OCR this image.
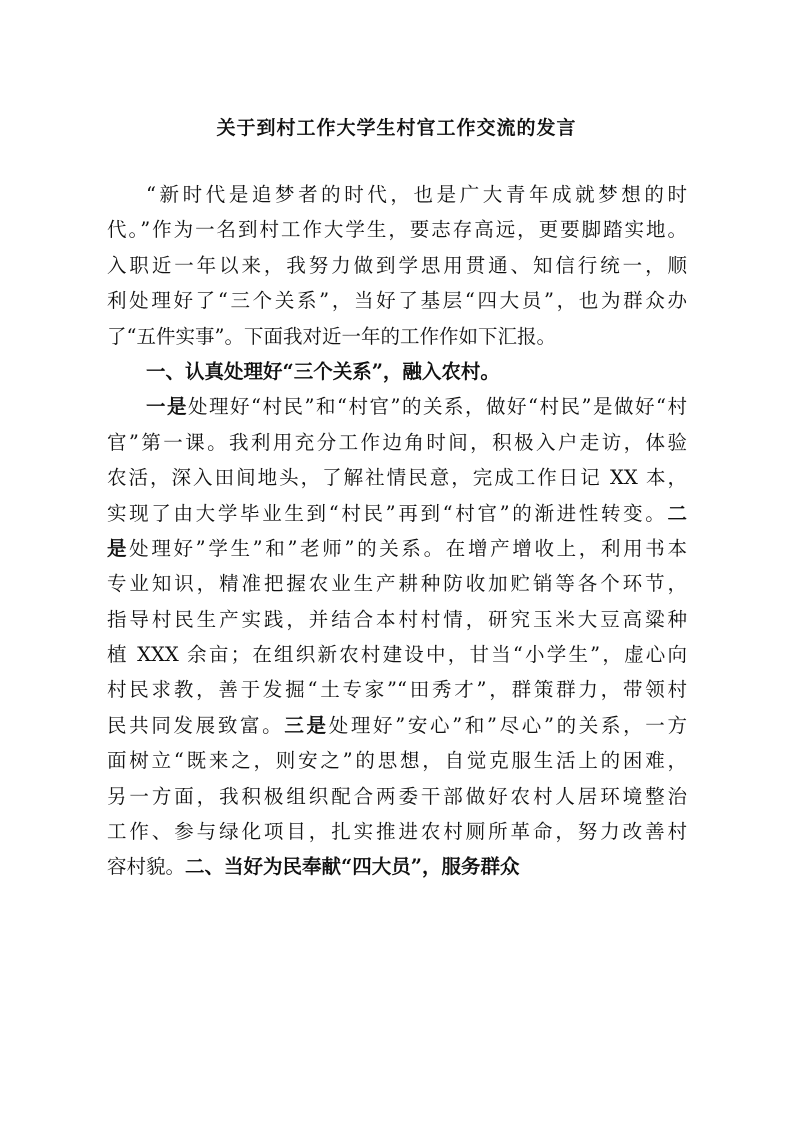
关于到村工作大学生村官工作交流的发言
“新时代是追梦者的时代，也是广大青年成就梦想的时
代。”作为一名到村工作大学生，要志存高远，更要脚踏实地。
入职近一年以来，我努力做到学思用贯通、知信行统一，顺
利处理好了“三个关系”，当好了基层“四大员”，也为群众办
了“五件实事”。下面我对近一年的工作作如下汇报。
一、认真处理好“三个关系”，融入农村。
一是处理好“村民”和“村官”的关系，做好“村民”是做好“村
官”第一课。我利用充分工作边角时间，积极入户走访，体验
农活，深入田间地头，了解社情民意，完成工作日记 XX 本，
实现了由大学毕业生到“村民”再到“村官”的渐进性转变。二
是处理好”学生”和”老师”的关系。在增产增收上，利用书本
专业知识，精准把握农业生产耕种防收加贮销等各个环节，
指导村民生产实践，并结合本村村情，研究玉米大豆高粱种
植 XXX 余亩；在组织新农村建设中，甘当“小学生”，虚心向
村民求教，善于发掘“土专家”“田秀才”，群策群力，带领村
民共同发展致富。三是处理好”安心”和”尽心”的关系，一方
面树立“既来之，则安之”的思想，自觉克服生活上的困难，
另一方面，我积极组织配合两委干部做好农村人居环境整治
工作、参与绿化项目，扎实推进农村厕所革命，努力改善村
容村貌。二、当好为民奉献“四大员”，服务群众
